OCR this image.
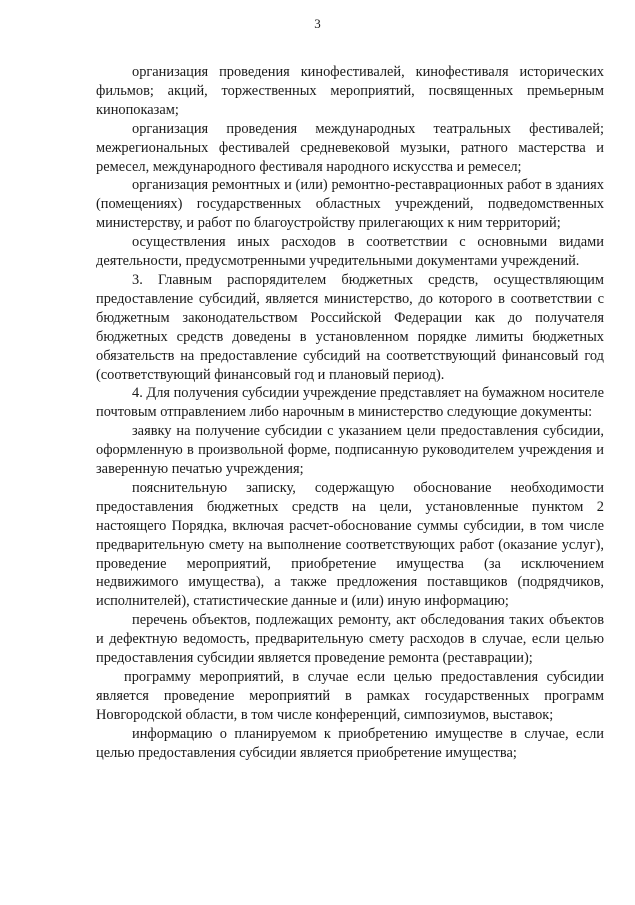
3

организация проведения кинофестивалей, кинофестиваля исторических фильмов; акций, торжественных мероприятий, посвященных премьерным кинопоказам;

организация проведения международных театральных фестивалей; межрегиональных фестивалей средневековой музыки, ратного мастерства и ремесел, международного фестиваля народного искусства и ремесел;

организация ремонтных и (или) ремонтно-реставрационных работ в зданиях (помещениях) государственных областных учреждений, подведомственных министерству, и работ по благоустройству прилегающих к ним территорий;

осуществления иных расходов в соответствии с основными видами деятельности, предусмотренными учредительными документами учреждений.

3. Главным распорядителем бюджетных средств, осуществляющим предоставление субсидий, является министерство, до которого в соответствии с бюджетным законодательством Российской Федерации как до получателя бюджетных средств доведены в установленном порядке лимиты бюджетных обязательств на предоставление субсидий на соответствующий финансовый год (соответствующий финансовый год и плановый период).

4. Для получения субсидии учреждение представляет на бумажном носителе почтовым отправлением либо нарочным в министерство следующие документы:

заявку на получение субсидии с указанием цели предоставления субсидии, оформленную в произвольной форме, подписанную руководителем учреждения и заверенную печатью учреждения;

пояснительную записку, содержащую обоснование необходимости предоставления бюджетных средств на цели, установленные пунктом 2 настоящего Порядка, включая расчет-обоснование суммы субсидии, в том числе предварительную смету на выполнение соответствующих работ (оказание услуг), проведение мероприятий, приобретение имущества (за исключением недвижимого имущества), а также предложения поставщиков (подрядчиков, исполнителей), статистические данные и (или) иную информацию;

перечень объектов, подлежащих ремонту, акт обследования таких объектов и дефектную ведомость, предварительную смету расходов в случае, если целью предоставления субсидии является проведение ремонта (реставрации);

программу мероприятий, в случае если целью предоставления субсидии является проведение мероприятий в рамках государственных программ Новгородской области, в том числе конференций, симпозиумов, выставок;

информацию о планируемом к приобретению имуществе в случае, если целью предоставления субсидии является приобретение имущества;
